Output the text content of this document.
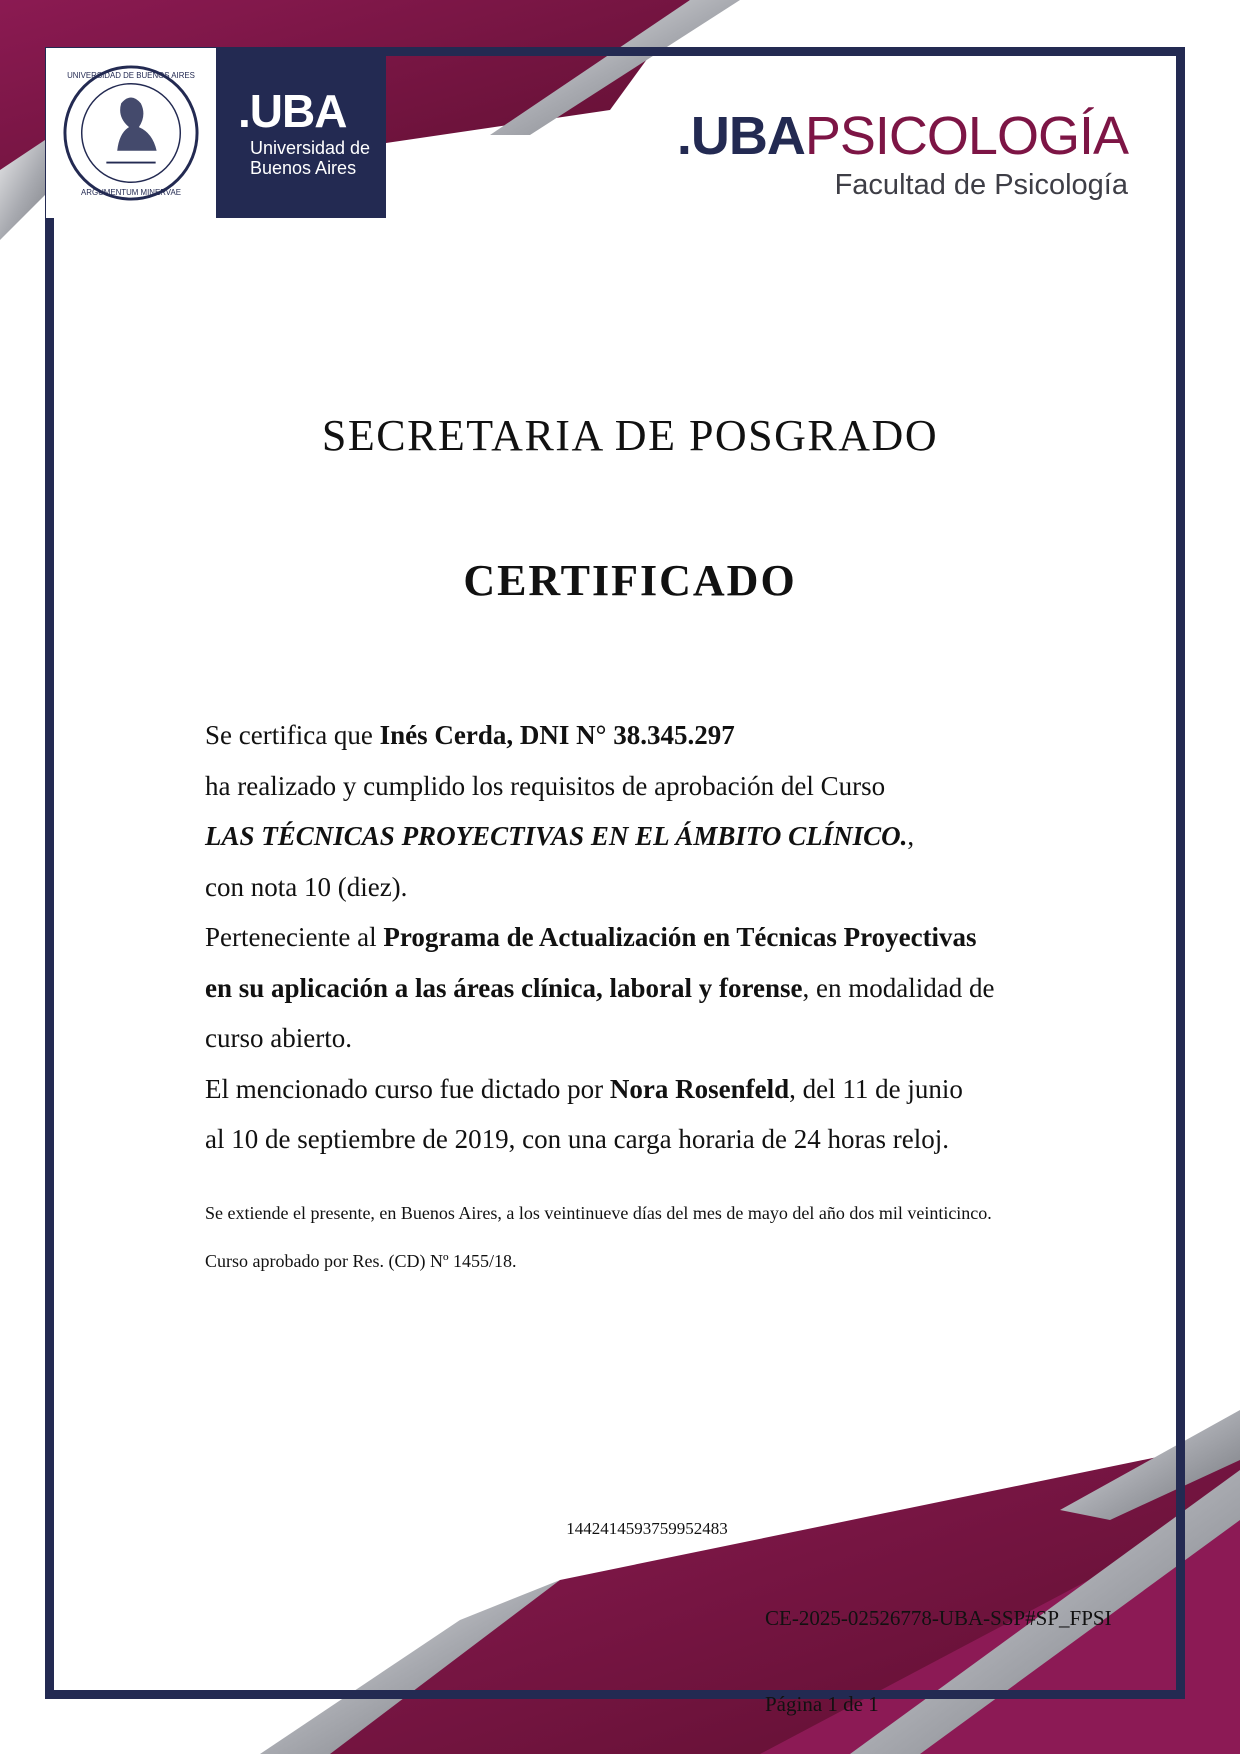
UNIVERSIDAD DE BUENOS AIRES
ARGUMENTUM MINERVAE
.UBA
Universidad de
Buenos Aires
.UBAPSICOLOGÍA
Facultad de Psicología
SECRETARIA DE POSGRADO
CERTIFICADO

Se certifica que Inés Cerda, DNI N° 38.345.297

ha realizado y cumplido los requisitos de aprobación del Curso

LAS TÉCNICAS PROYECTIVAS EN EL ÁMBITO CLÍNICO.,

con nota 10 (diez).

Perteneciente al Programa de Actualización en Técnicas Proyectivas

en su aplicación a las áreas clínica, laboral y forense, en modalidad de

curso abierto.

El mencionado curso fue dictado por Nora Rosenfeld, del 11 de junio

al 10 de septiembre de 2019, con una carga horaria de 24 horas reloj.

Se extiende el presente, en Buenos Aires, a los veintinueve días del mes de mayo del año dos mil veinticinco.

Curso aprobado por Res. (CD) Nº 1455/18.

1442414593759952483
CE-2025-02526778-UBA-SSP#SP_FPSI
Página 1 de 1
